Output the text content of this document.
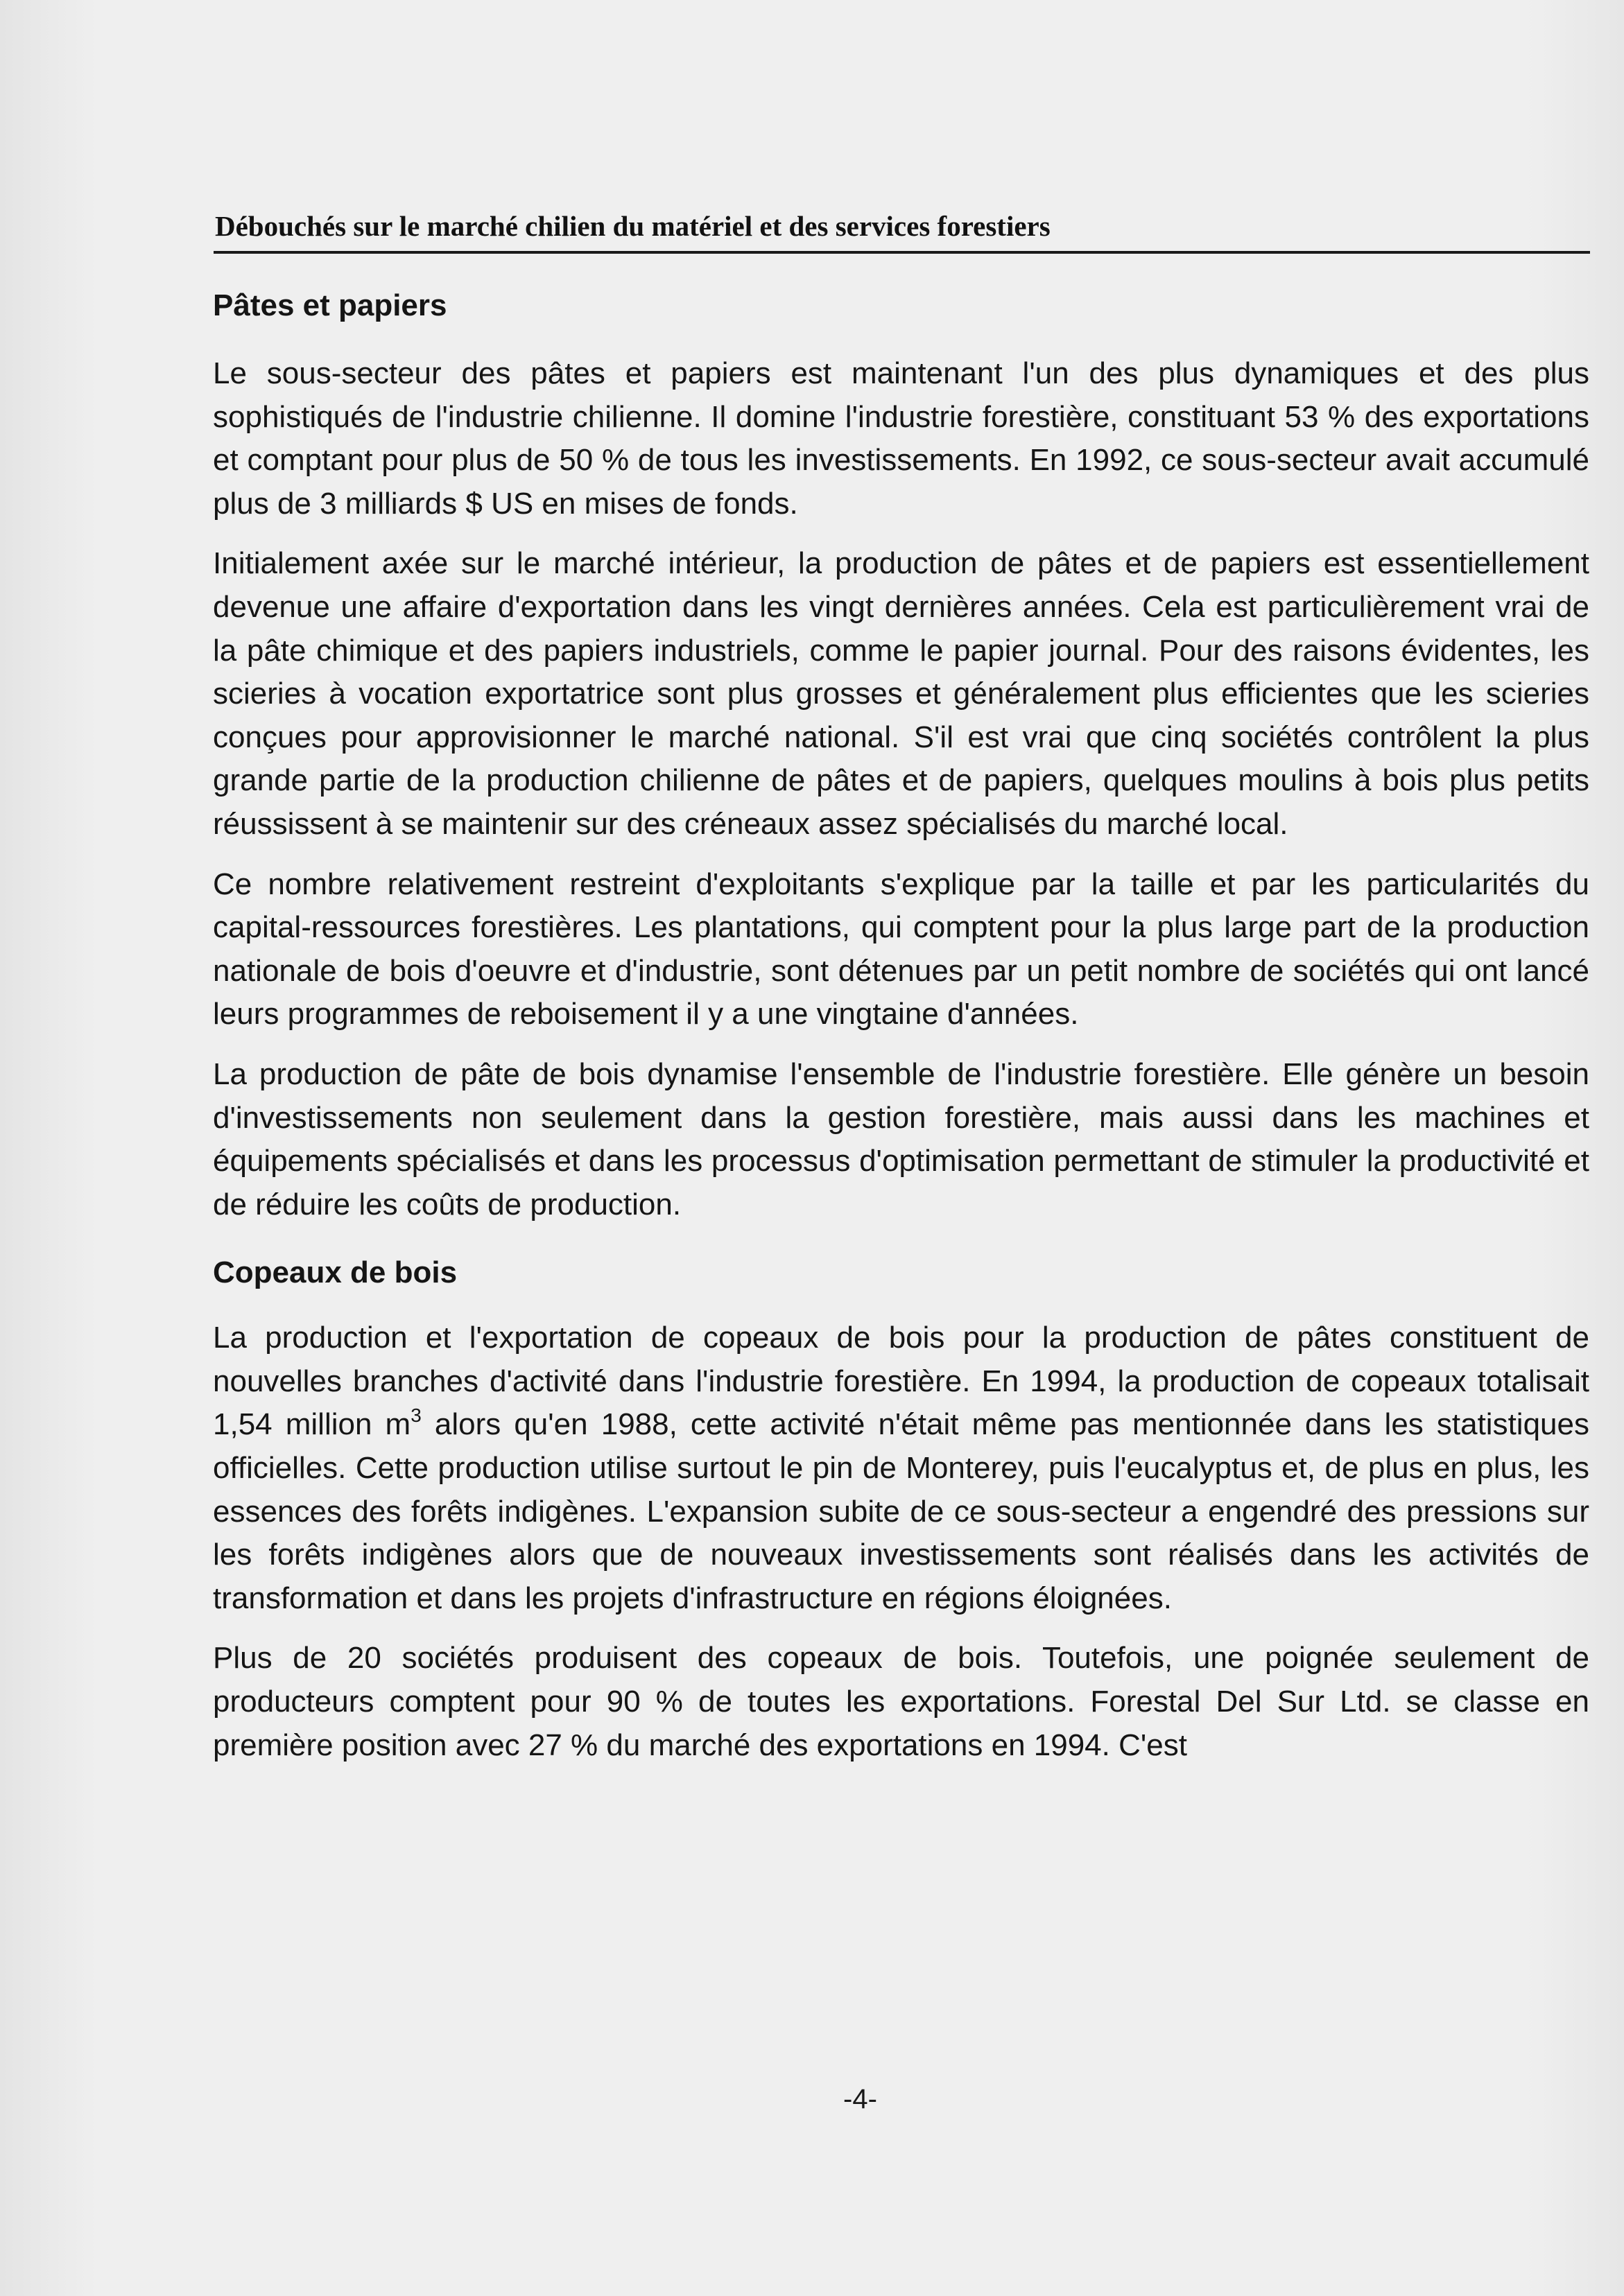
Débouchés sur le marché chilien du matériel et des services forestiers
Pâtes et papiers

Le sous-secteur des pâtes et papiers est maintenant l'un des plus dynamiques et des plus sophistiqués de l'industrie chilienne. Il domine l'industrie forestière, constituant 53 % des exportations et comptant pour plus de 50 % de tous les investissements. En 1992, ce sous-secteur avait accumulé plus de 3 milliards $ US en mises de fonds.

Initialement axée sur le marché intérieur, la production de pâtes et de papiers est essentiellement devenue une affaire d'exportation dans les vingt dernières années. Cela est particulièrement vrai de la pâte chimique et des papiers industriels, comme le papier journal. Pour des raisons évidentes, les scieries à vocation exportatrice sont plus grosses et généralement plus efficientes que les scieries conçues pour approvisionner le marché national. S'il est vrai que cinq sociétés contrôlent la plus grande partie de la production chilienne de pâtes et de papiers, quelques moulins à bois plus petits réussissent à se maintenir sur des créneaux assez spécialisés du marché local.

Ce nombre relativement restreint d'exploitants s'explique par la taille et par les particularités du capital-ressources forestières. Les plantations, qui comptent pour la plus large part de la production nationale de bois d'oeuvre et d'industrie, sont détenues par un petit nombre de sociétés qui ont lancé leurs programmes de reboisement il y a une vingtaine d'années.

La production de pâte de bois dynamise l'ensemble de l'industrie forestière. Elle génère un besoin d'investissements non seulement dans la gestion forestière, mais aussi dans les machines et équipements spécialisés et dans les processus d'optimisation permettant de stimuler la productivité et de réduire les coûts de production.

Copeaux de bois

La production et l'exportation de copeaux de bois pour la production de pâtes constituent de nouvelles branches d'activité dans l'industrie forestière. En 1994, la production de copeaux totalisait 1,54 million $m^3$ alors qu'en 1988, cette activité n'était même pas mentionnée dans les statistiques officielles. Cette production utilise surtout le pin de Monterey, puis l'eucalyptus et, de plus en plus, les essences des forêts indigènes. L'expansion subite de ce sous-secteur a engendré des pressions sur les forêts indigènes alors que de nouveaux investissements sont réalisés dans les activités de transformation et dans les projets d'infrastructure en régions éloignées.

Plus de 20 sociétés produisent des copeaux de bois. Toutefois, une poignée seulement de producteurs comptent pour 90 % de toutes les exportations. Forestal Del Sur Ltd. se classe en première position avec 27 % du marché des exportations en 1994. C'est

-4-
